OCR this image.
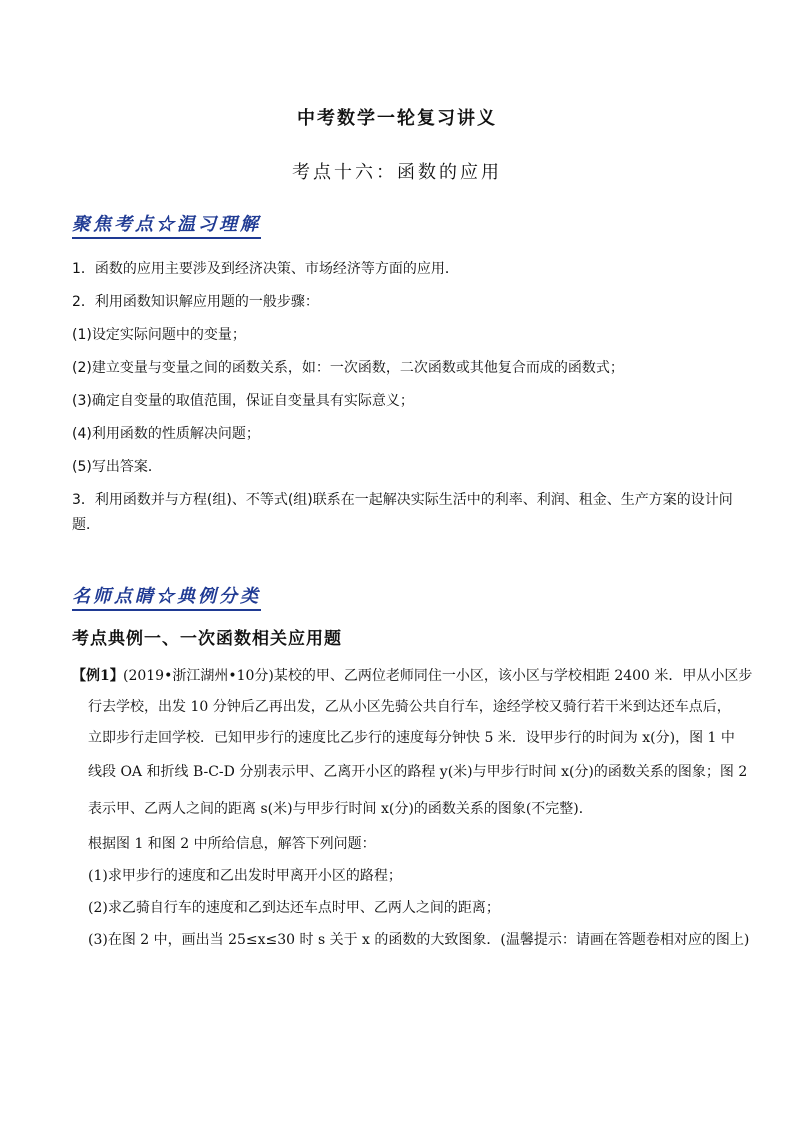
中考数学一轮复习讲义
考点十六：函数的应用
聚焦考点☆温习理解
1．函数的应用主要涉及到经济决策、市场经济等方面的应用．
2．利用函数知识解应用题的一般步骤：
(1)设定实际问题中的变量；
(2)建立变量与变量之间的函数关系，如：一次函数，二次函数或其他复合而成的函数式；
(3)确定自变量的取值范围，保证自变量具有实际意义；
(4)利用函数的性质解决问题；
(5)写出答案．
3．利用函数并与方程(组)、不等式(组)联系在一起解决实际生活中的利率、利润、租金、生产方案的设计问
题．
名师点睛☆典例分类
考点典例一、一次函数相关应用题
【例1】 (2019•浙江湖州•10分)某校的甲、乙两位老师同住一小区，该小区与学校相距 2400 米．甲从小区步
行去学校，出发 10 分钟后乙再出发，乙从小区先骑公共自行车，途经学校又骑行若干米到达还车点后，
立即步行走回学校．已知甲步行的速度比乙步行的速度每分钟快 5 米．设甲步行的时间为 x(分)，图 1 中
线段 OA 和折线 B-C-D 分别表示甲、乙离开小区的路程 y(米)与甲步行时间 x(分)的函数关系的图象；图 2
表示甲、乙两人之间的距离 s(米)与甲步行时间 x(分)的函数关系的图象(不完整)．
根据图 1 和图 2 中所给信息，解答下列问题：
(1)求甲步行的速度和乙出发时甲离开小区的路程；
(2)求乙骑自行车的速度和乙到达还车点时甲、乙两人之间的距离；
(3)在图 2 中，画出当 25≤x≤30 时 s 关于 x 的函数的大致图象．(温馨提示：请画在答题卷相对应的图上)
